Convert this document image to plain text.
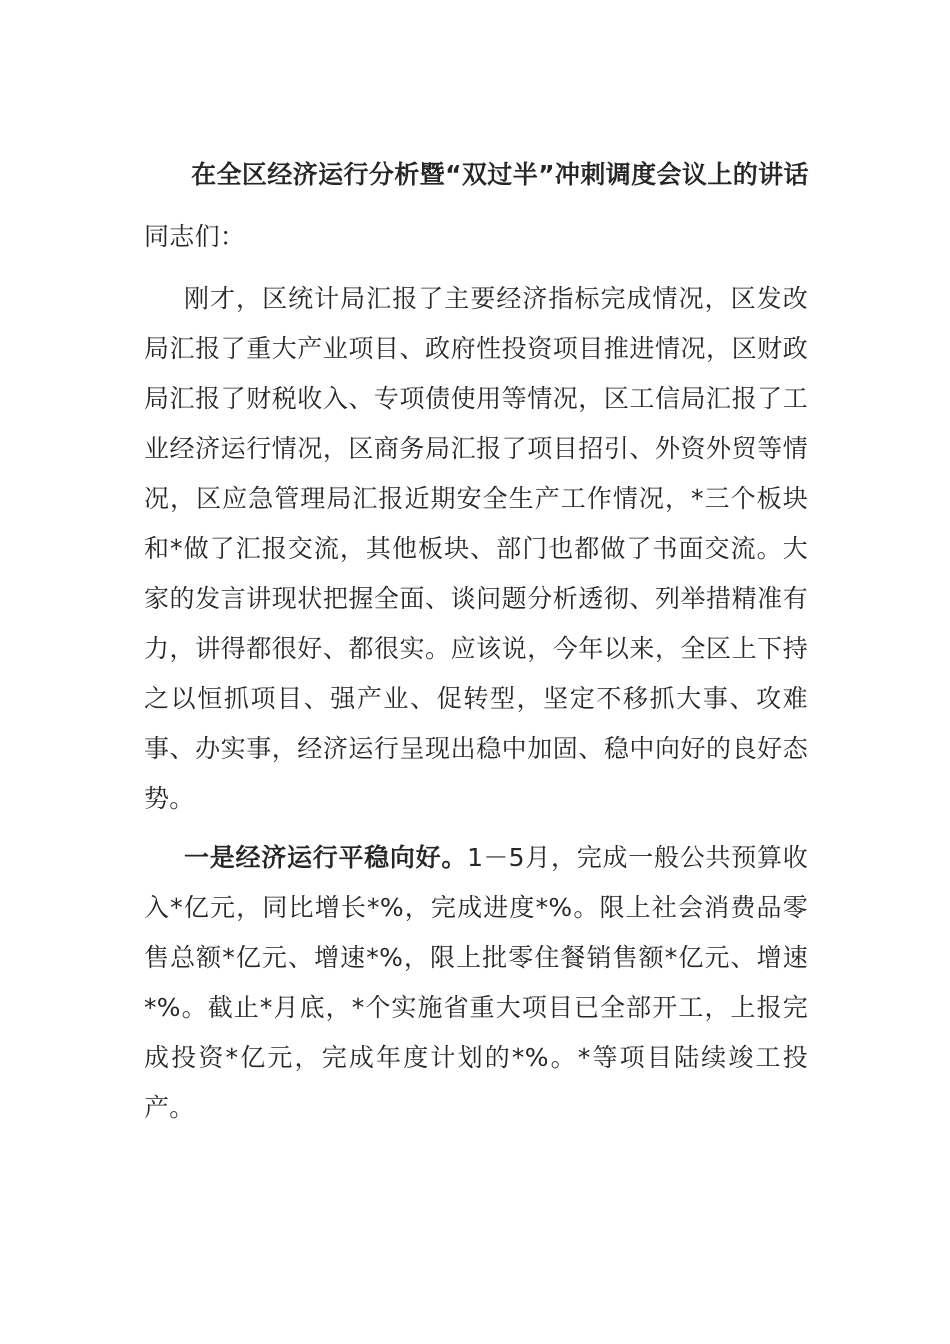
在全区经济运行分析暨“双过半”冲刺调度会议上的讲话

同志们：

刚才，区统计局汇报了主要经济指标完成情况，区发改局汇报了重大产业项目、政府性投资项目推进情况，区财政局汇报了财税收入、专项债使用等情况，区工信局汇报了工业经济运行情况，区商务局汇报了项目招引、外资外贸等情况，区应急管理局汇报近期安全生产工作情况，*三个板块和*做了汇报交流，其他板块、部门也都做了书面交流。大家的发言讲现状把握全面、谈问题分析透彻、列举措精准有力，讲得都很好、都很实。应该说，今年以来，全区上下持之以恒抓项目、强产业、促转型，坚定不移抓大事、攻难事、办实事，经济运行呈现出稳中加固、稳中向好的良好态势。

一是经济运行平稳向好。1－5月，完成一般公共预算收入*亿元，同比增长*%，完成进度*%。限上社会消费品零售总额*亿元、增速*%，限上批零住餐销售额*亿元、增速*%。截止*月底，*个实施省重大项目已全部开工，上报完成投资*亿元，完成年度计划的*%。*等项目陆续竣工投产。
